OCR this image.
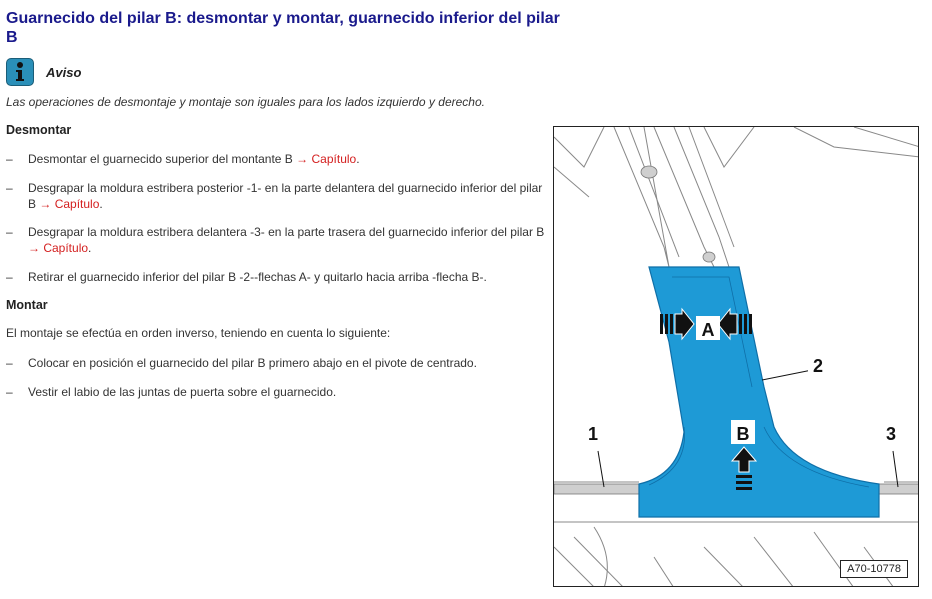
Guarnecido del pilar B: desmontar y montar, guarnecido inferior del pilar B
Aviso
Las operaciones de desmontaje y montaje son iguales para los lados izquierdo y derecho.
Desmontar
– Desmontar el guarnecido superior del montante B → Capítulo.
– Desgrapar la moldura estribera posterior -1- en la parte delantera del guarnecido inferior del pilar B → Capítulo.
– Desgrapar la moldura estribera delantera -3- en la parte trasera del guarnecido inferior del pilar B → Capítulo.
– Retirar el guarnecido inferior del pilar B -2--flechas A- y quitarlo hacia arriba -flecha B-.
Montar
El montaje se efectúa en orden inverso, teniendo en cuenta lo siguiente:
– Colocar en posición el guarnecido del pilar B primero abajo en el pivote de centrado.
– Vestir el labio de las juntas de puerta sobre el guarnecido.
A
B
1
2
3
A70-10778
